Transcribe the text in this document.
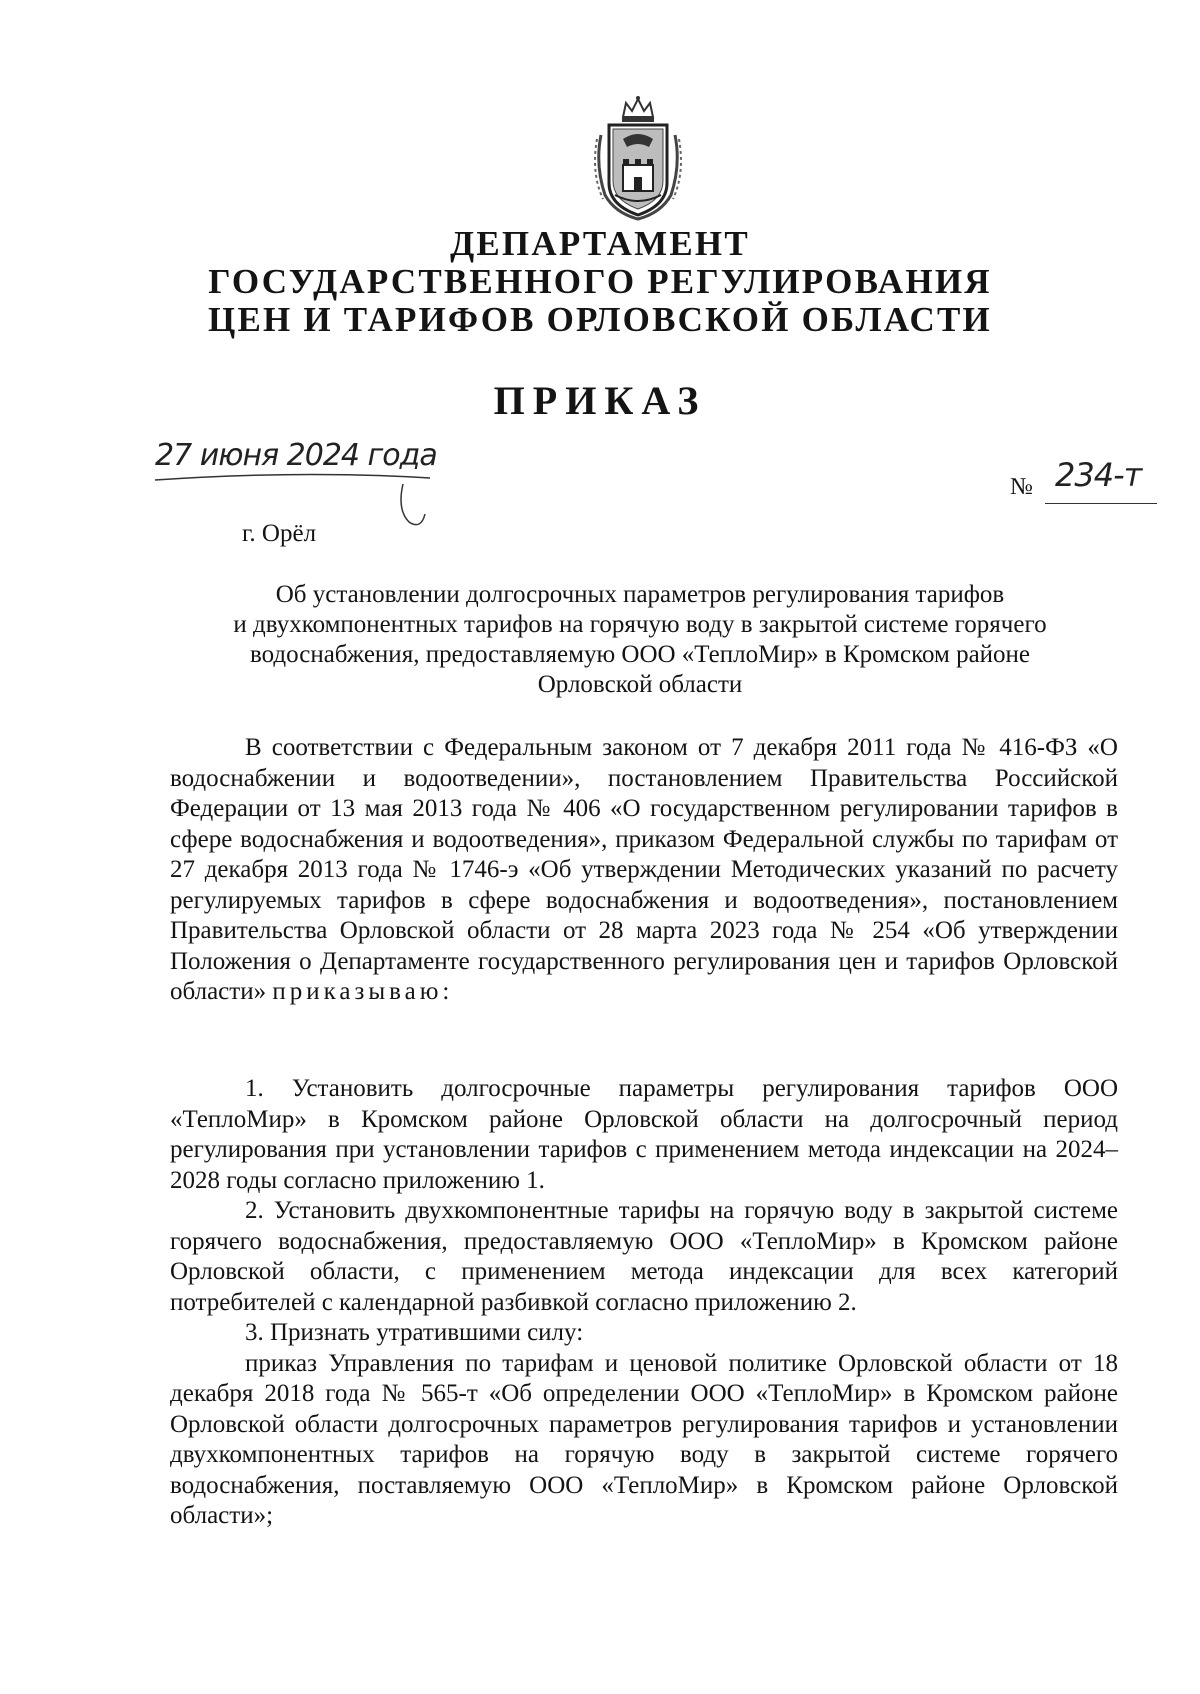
ДЕПАРТАМЕНТ
ГОСУДАРСТВЕННОГО РЕГУЛИРОВАНИЯ
ЦЕН И ТАРИФОВ ОРЛОВСКОЙ ОБЛАСТИ
ПРИКАЗ
27 июня 2024 года
г. Орёл
№ 234-т
Об установлении долгосрочных параметров регулирования тарифов
и двухкомпонентных тарифов на горячую воду в закрытой системе горячего
водоснабжения, предоставляемую ООО «ТеплоМир» в Кромском районе
Орловской области

В соответствии с Федеральным законом от 7 декабря 2011 года № 416-ФЗ «О водоснабжении и водоотведении», постановлением Правительства Российской Федерации от 13 мая 2013 года № 406 «О государственном регулировании тарифов в сфере водоснабжения и водоотведения», приказом Федеральной службы по тарифам от 27 декабря 2013 года № 1746-э «Об утверждении Методических указаний по расчету регулируемых тарифов в сфере водоснабжения и водоотведения», постановлением Правительства Орловской области от 28 марта 2023 года № 254 «Об утверждении Положения о Департаменте государственного регулирования цен и тарифов Орловской области» приказываю:

1. Установить долгосрочные параметры регулирования тарифов ООО «ТеплоМир» в Кромском районе Орловской области на долгосрочный период регулирования при установлении тарифов с применением метода индексации на 2024–2028 годы согласно приложению 1.

2. Установить двухкомпонентные тарифы на горячую воду в закрытой системе горячего водоснабжения, предоставляемую ООО «ТеплоМир» в Кромском районе Орловской области, с применением метода индексации для всех категорий потребителей с календарной разбивкой согласно приложению 2.

3. Признать утратившими силу:

приказ Управления по тарифам и ценовой политике Орловской области от 18 декабря 2018 года № 565-т «Об определении ООО «ТеплоМир» в Кромском районе Орловской области долгосрочных параметров регулирования тарифов и установлении двухкомпонентных тарифов на горячую воду в закрытой системе горячего водоснабжения, поставляемую ООО «ТеплоМир» в Кромском районе Орловской области»;
